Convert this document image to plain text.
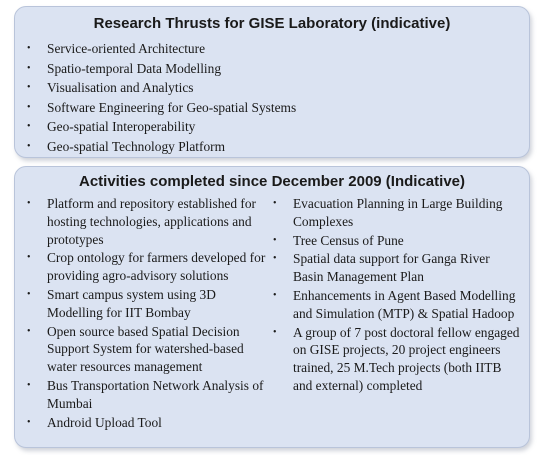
Research Thrusts for GISE Laboratory (indicative)
• Service-oriented Architecture
• Spatio-temporal Data Modelling
• Visualisation and Analytics
• Software Engineering for Geo-spatial Systems
• Geo-spatial Interoperability
• Geo-spatial Technology Platform
Activities completed since December 2009 (Indicative)
• Platform and repository established for hosting technologies, applications and prototypes
• Crop ontology for farmers developed for providing agro-advisory solutions
• Smart campus system using 3D Modelling for IIT Bombay
• Open source based Spatial Decision Support System for watershed-based water resources management
• Bus Transportation Network Analysis of Mumbai
• Android Upload Tool
• Evacuation Planning in Large Building Complexes
• Tree Census of Pune
• Spatial data support for Ganga River Basin Management Plan
• Enhancements in Agent Based Modelling and Simulation (MTP) & Spatial Hadoop
• A group of 7 post doctoral fellow engaged on GISE projects, 20 project engineers trained, 25 M.Tech projects (both IITB and external) completed
